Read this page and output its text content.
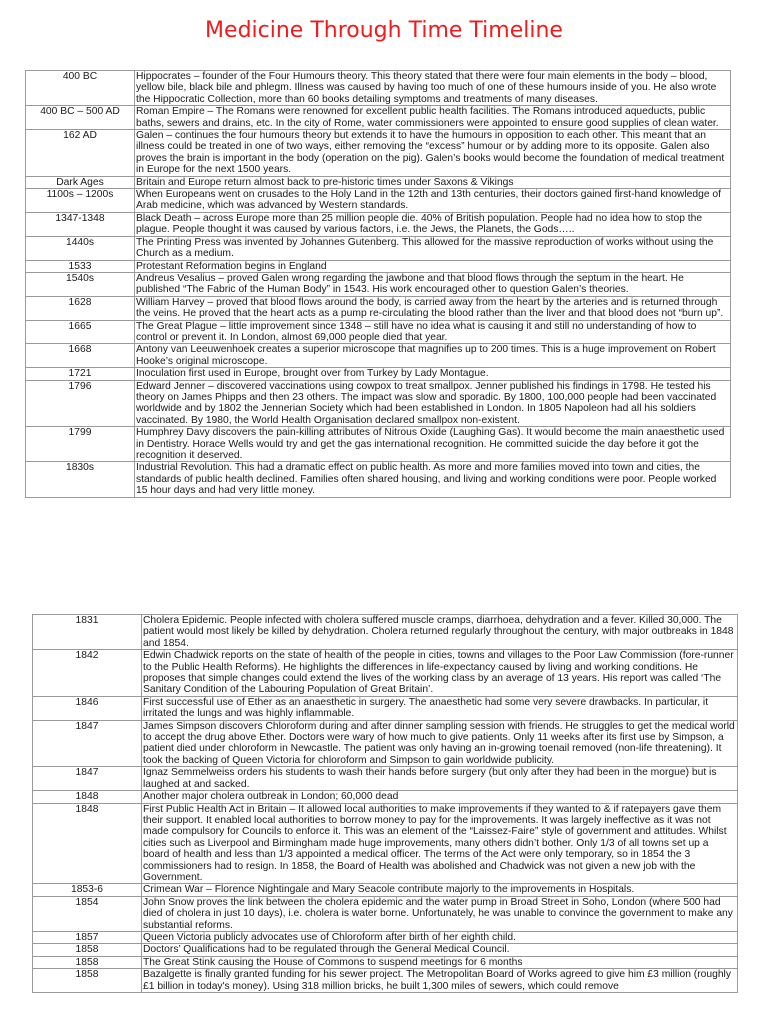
Medicine Through Time Timeline
400 BC	Hippocrates – founder of the Four Humours theory. This theory stated that there were four main elements in the body – blood, yellow bile, black bile and phlegm. Illness was caused by having too much of one of these humours inside of you. He also wrote the Hippocratic Collection, more than 60 books detailing symptoms and treatments of many diseases.
400 BC – 500 AD	Roman Empire – The Romans were renowned for excellent public health facilities. The Romans introduced aqueducts, public baths, sewers and drains, etc. In the city of Rome, water commissioners were appointed to ensure good supplies of clean water.
162 AD	Galen – continues the four humours theory but extends it to have the humours in opposition to each other. This meant that an illness could be treated in one of two ways, either removing the “excess” humour or by adding more to its opposite. Galen also proves the brain is important in the body (operation on the pig). Galen’s books would become the foundation of medical treatment in Europe for the next 1500 years.
Dark Ages	Britain and Europe return almost back to pre-historic times under Saxons & Vikings
1100s – 1200s	When Europeans went on crusades to the Holy Land in the 12th and 13th centuries, their doctors gained first-hand knowledge of Arab medicine, which was advanced by Western standards.
1347-1348	Black Death – across Europe more than 25 million people die. 40% of British population. People had no idea how to stop the plague. People thought it was caused by various factors, i.e. the Jews, the Planets, the Gods…..
1440s	The Printing Press was invented by Johannes Gutenberg. This allowed for the massive reproduction of works without using the Church as a medium.
1533	Protestant Reformation begins in England
1540s	Andreus Vesalius – proved Galen wrong regarding the jawbone and that blood flows through the septum in the heart. He published “The Fabric of the Human Body” in 1543. His work encouraged other to question Galen’s theories.
1628	William Harvey – proved that blood flows around the body, is carried away from the heart by the arteries and is returned through the veins. He proved that the heart acts as a pump re-circulating the blood rather than the liver and that blood does not “burn up”.
1665	The Great Plague – little improvement since 1348 – still have no idea what is causing it and still no understanding of how to control or prevent it. In London, almost 69,000 people died that year.
1668	Antony van Leeuwenhoek creates a superior microscope that magnifies up to 200 times. This is a huge improvement on Robert Hooke’s original microscope.
1721	Inoculation first used in Europe, brought over from Turkey by Lady Montague.
1796	Edward Jenner – discovered vaccinations using cowpox to treat smallpox. Jenner published his findings in 1798. He tested his theory on James Phipps and then 23 others. The impact was slow and sporadic. By 1800, 100,000 people had been vaccinated worldwide and by 1802 the Jennerian Society which had been established in London. In 1805 Napoleon had all his soldiers vaccinated. By 1980, the World Health Organisation declared smallpox non-existent.
1799	Humphrey Davy discovers the pain-killing attributes of Nitrous Oxide (Laughing Gas). It would become the main anaesthetic used in Dentistry. Horace Wells would try and get the gas international recognition. He committed suicide the day before it got the recognition it deserved.
1830s	Industrial Revolution. This had a dramatic effect on public health. As more and more families moved into town and cities, the standards of public health declined. Families often shared housing, and living and working conditions were poor. People worked 15 hour days and had very little money.
1831	Cholera Epidemic. People infected with cholera suffered muscle cramps, diarrhoea, dehydration and a fever. Killed 30,000. The patient would most likely be killed by dehydration. Cholera returned regularly throughout the century, with major outbreaks in 1848 and 1854.
1842	Edwin Chadwick reports on the state of health of the people in cities, towns and villages to the Poor Law Commission (fore-runner to the Public Health Reforms). He highlights the differences in life-expectancy caused by living and working conditions. He proposes that simple changes could extend the lives of the working class by an average of 13 years. His report was called ‘The Sanitary Condition of the Labouring Population of Great Britain’.
1846	First successful use of Ether as an anaesthetic in surgery. The anaesthetic had some very severe drawbacks. In particular, it irritated the lungs and was highly inflammable.
1847	James Simpson discovers Chloroform during and after dinner sampling session with friends. He struggles to get the medical world to accept the drug above Ether. Doctors were wary of how much to give patients. Only 11 weeks after its first use by Simpson, a patient died under chloroform in Newcastle. The patient was only having an in-growing toenail removed (non-life threatening). It took the backing of Queen Victoria for chloroform and Simpson to gain worldwide publicity.
1847	Ignaz Semmelweiss orders his students to wash their hands before surgery (but only after they had been in the morgue) but is laughed at and sacked.
1848	Another major cholera outbreak in London; 60,000 dead
1848	First Public Health Act in Britain – It allowed local authorities to make improvements if they wanted to & if ratepayers gave them their support. It enabled local authorities to borrow money to pay for the improvements. It was largely ineffective as it was not made compulsory for Councils to enforce it. This was an element of the “Laissez-Faire” style of government and attitudes. Whilst cities such as Liverpool and Birmingham made huge improvements, many others didn’t bother. Only 1/3 of all towns set up a board of health and less than 1/3 appointed a medical officer. The terms of the Act were only temporary, so in 1854 the 3 commissioners had to resign. In 1858, the Board of Health was abolished and Chadwick was not given a new job with the Government.
1853-6	Crimean War – Florence Nightingale and Mary Seacole contribute majorly to the improvements in Hospitals.
1854	John Snow proves the link between the cholera epidemic and the water pump in Broad Street in Soho, London (where 500 had died of cholera in just 10 days), i.e. cholera is water borne. Unfortunately, he was unable to convince the government to make any substantial reforms.
1857	Queen Victoria publicly advocates use of Chloroform after birth of her eighth child.
1858	Doctors’ Qualifications had to be regulated through the General Medical Council.
1858	The Great Stink causing the House of Commons to suspend meetings for 6 months
1858	Bazalgette is finally granted funding for his sewer project. The Metropolitan Board of Works agreed to give him £3 million (roughly £1 billion in today's money). Using 318 million bricks, he built 1,300 miles of sewers, which could remove
